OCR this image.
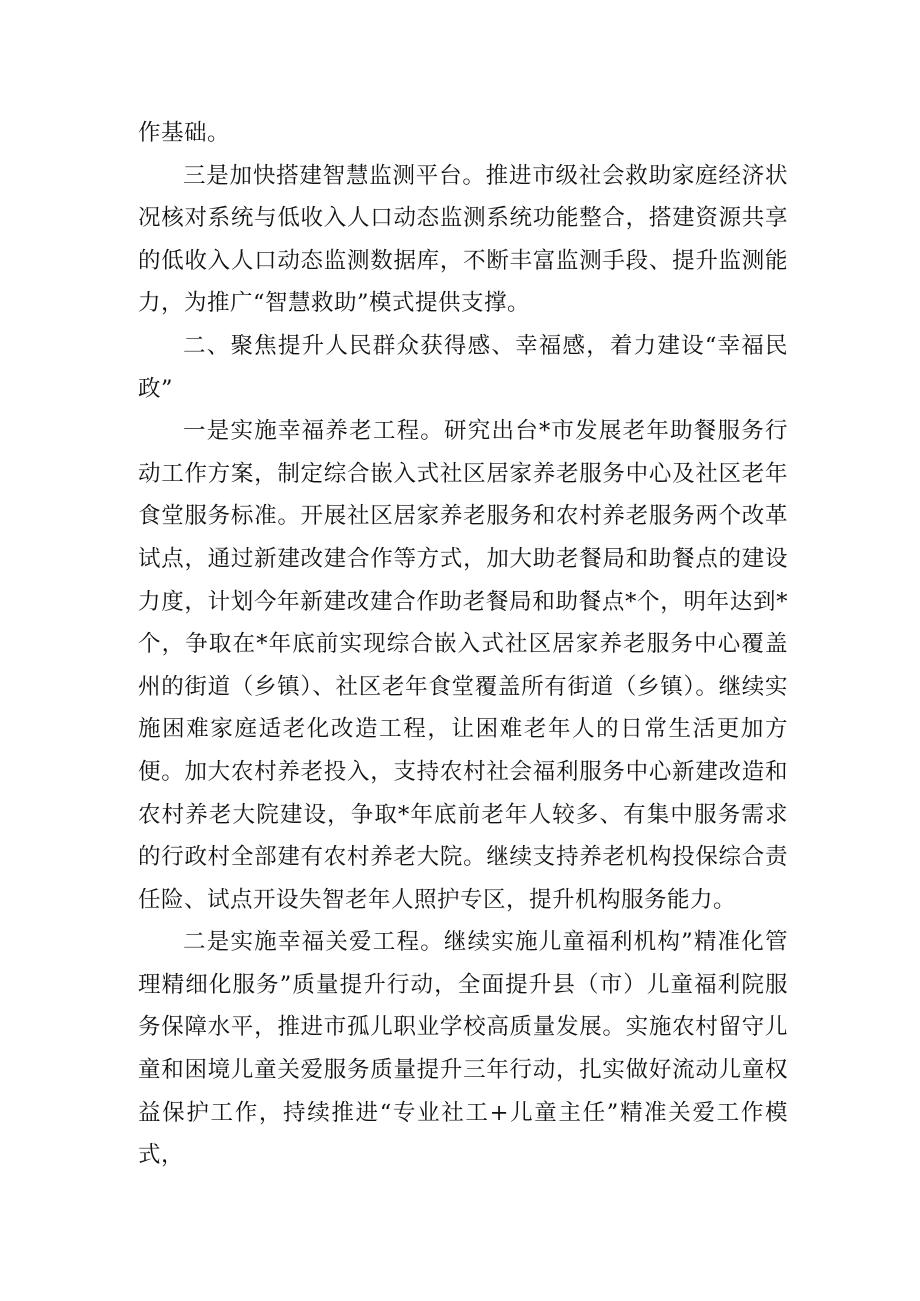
作基础。

三是加快搭建智慧监测平台。推进市级社会救助家庭经济状况核对系统与低收入人口动态监测系统功能整合，搭建资源共享的低收入人口动态监测数据库，不断丰富监测手段、提升监测能力，为推广“智慧救助”模式提供支撑。

二、聚焦提升人民群众获得感、幸福感，着力建设“幸福民政”

一是实施幸福养老工程。研究出台*市发展老年助餐服务行动工作方案，制定综合嵌入式社区居家养老服务中心及社区老年食堂服务标准。开展社区居家养老服务和农村养老服务两个改革试点，通过新建改建合作等方式，加大助老餐局和助餐点的建设力度，计划今年新建改建合作助老餐局和助餐点*个，明年达到*个，争取在*年底前实现综合嵌入式社区居家养老服务中心覆盖州的街道（乡镇）、社区老年食堂覆盖所有街道（乡镇）。继续实施困难家庭适老化改造工程，让困难老年人的日常生活更加方便。加大农村养老投入，支持农村社会福利服务中心新建改造和农村养老大院建设，争取*年底前老年人较多、有集中服务需求的行政村全部建有农村养老大院。继续支持养老机构投保综合责任险、试点开设失智老年人照护专区，提升机构服务能力。

二是实施幸福关爱工程。继续实施儿童福利机构”精准化管理精细化服务”质量提升行动，全面提升县（市）儿童福利院服务保障水平，推进市孤儿职业学校高质量发展。实施农村留守儿童和困境儿童关爱服务质量提升三年行动，扎实做好流动儿童权益保护工作，持续推进“专业社工+儿童主任”精准关爱工作模式，
